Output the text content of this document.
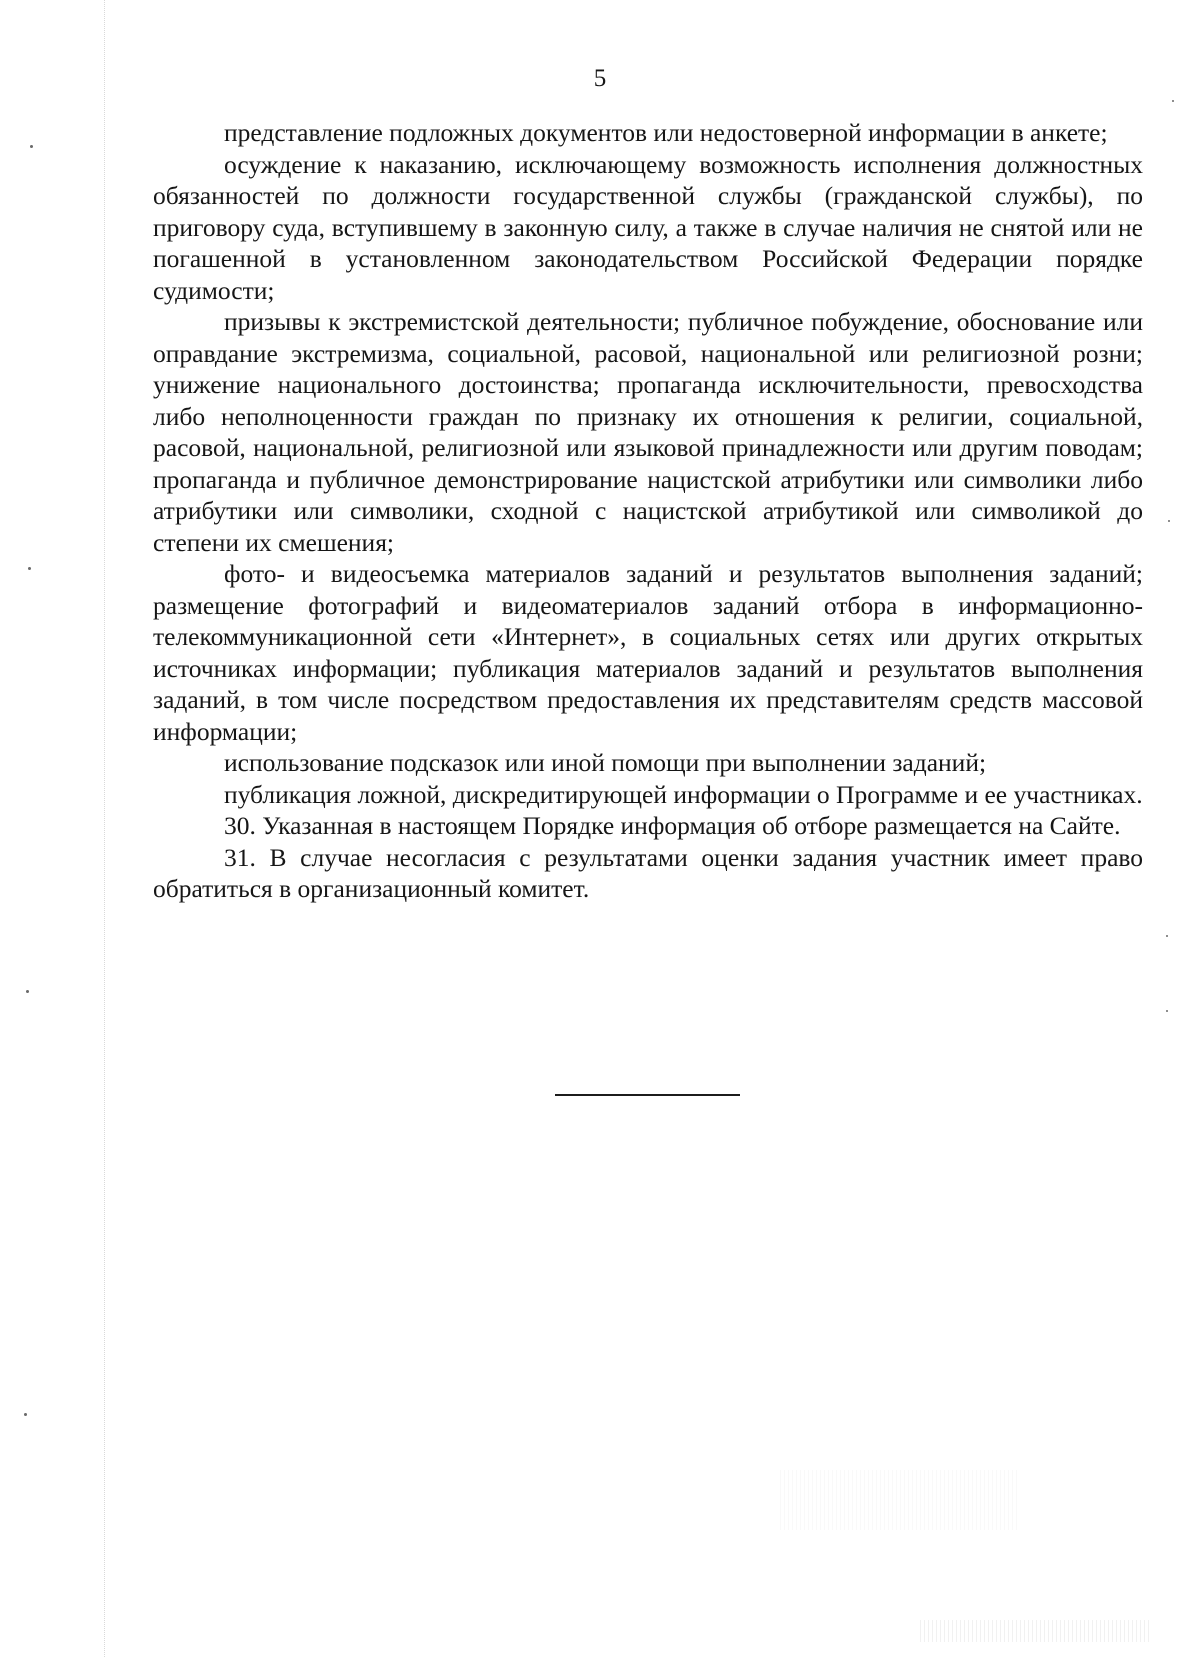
5

представление подложных документов или недостоверной информации в анкете;

осуждение к наказанию, исключающему возможность исполнения должностных обязанностей по должности государственной службы (гражданской службы), по приговору суда, вступившему в законную силу, а также в случае наличия не снятой или не погашенной в установленном законодательством Российской Федерации порядке судимости;

призывы к экстремистской деятельности; публичное побуждение, обоснование или оправдание экстремизма, социальной, расовой, национальной или религиозной розни; унижение национального достоинства; пропаганда исключительности, превосходства либо неполноценности граждан по признаку их отношения к религии, социальной, расовой, национальной, религиозной или языковой принадлежности или другим поводам; пропаганда и публичное демонстрирование нацистской атрибутики или символики либо атрибутики или символики, сходной с нацистской атрибутикой или символикой до степени их смешения;

фото- и видеосъемка материалов заданий и результатов выполнения заданий; размещение фотографий и видеоматериалов заданий отбора в информационно-телекоммуникационной сети «Интернет», в социальных сетях или других открытых источниках информации; публикация материалов заданий и результатов выполнения заданий, в том числе посредством предоставления их представителям средств массовой информации;

использование подсказок или иной помощи при выполнении заданий;

публикация ложной, дискредитирующей информации о Программе и ее участниках.

30. Указанная в настоящем Порядке информация об отборе размещается на Сайте.

31. В случае несогласия с результатами оценки задания участник имеет право обратиться в организационный комитет.
